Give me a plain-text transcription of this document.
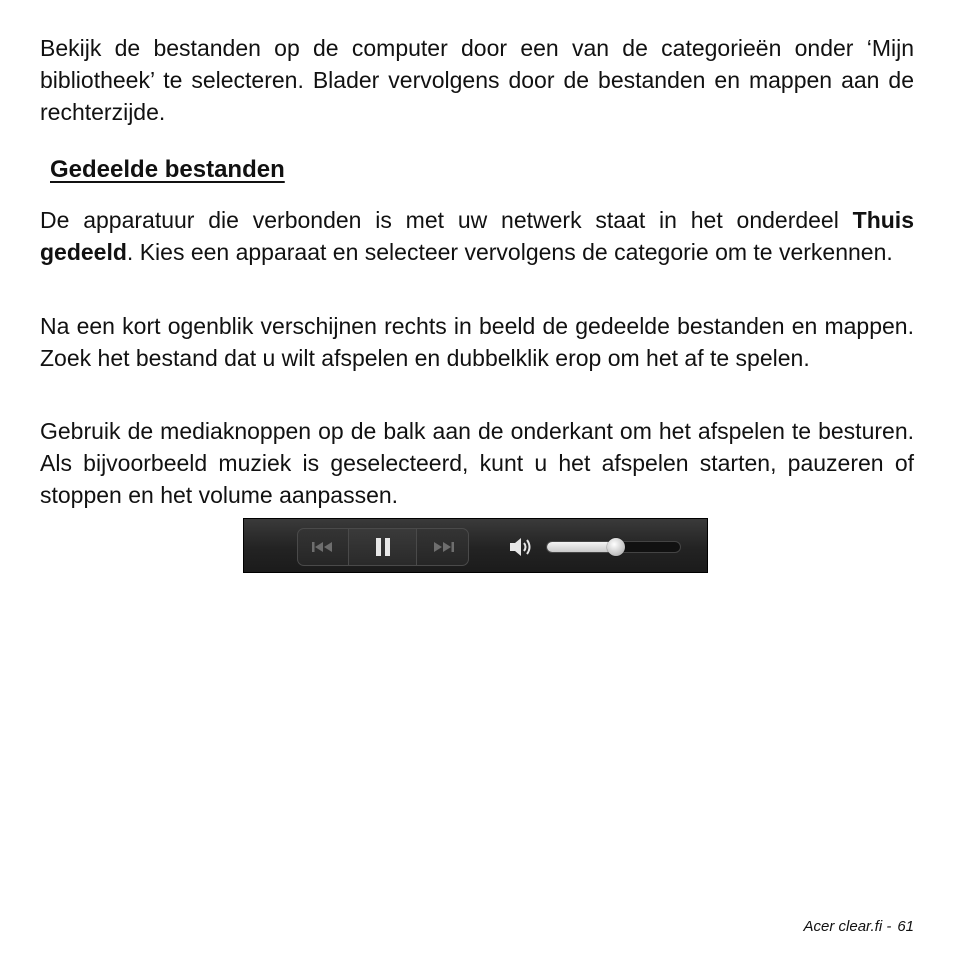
Bekijk de bestanden op de computer door een van de categorieën onder ‘Mijn bibliotheek’ te selecteren. Blader vervolgens door de bestanden en mappen aan de rechterzijde.

Gedeelde bestanden

De apparatuur die verbonden is met uw netwerk staat in het onderdeel Thuis gedeeld. Kies een apparaat en selecteer vervolgens de categorie om te verkennen.

Na een kort ogenblik verschijnen rechts in beeld de gedeelde bestanden en mappen. Zoek het bestand dat u wilt afspelen en dubbelklik erop om het af te spelen.

Gebruik de mediaknoppen op de balk aan de onderkant om het afspelen te besturen. Als bijvoorbeeld muziek is geselecteerd, kunt u het afspelen starten, pauzeren of stoppen en het volume aanpassen.

Acer clear.fi - 61
